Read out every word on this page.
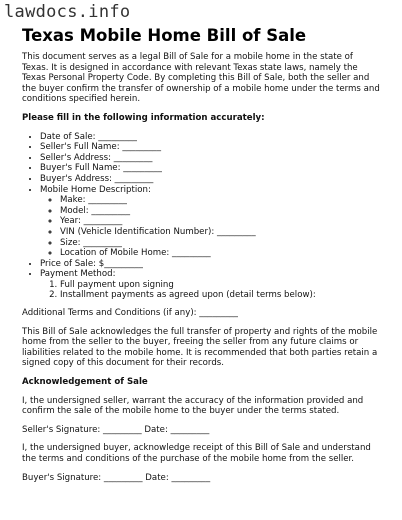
lawdocs.info
Texas Mobile Home Bill of Sale

This document serves as a legal Bill of Sale for a mobile home in the state of Texas. It is designed in accordance with relevant Texas state laws, namely the Texas Personal Property Code. By completing this Bill of Sale, both the seller and the buyer confirm the transfer of ownership of a mobile home under the terms and conditions specified herein.

Please fill in the following information accurately:

• Date of Sale: _________
• Seller's Full Name: _________
• Seller's Address: _________
• Buyer's Full Name: _________
• Buyer's Address: _________
• Mobile Home Description:
◦ Make: _________
◦ Model: _________
◦ Year: _________
◦ VIN (Vehicle Identification Number): _________
◦ Size: _________
◦ Location of Mobile Home: _________
• Price of Sale: $_________
• Payment Method:
1. Full payment upon signing
2. Installment payments as agreed upon (detail terms below):

Additional Terms and Conditions (if any): _________

This Bill of Sale acknowledges the full transfer of property and rights of the mobile home from the seller to the buyer, freeing the seller from any future claims or liabilities related to the mobile home. It is recommended that both parties retain a signed copy of this document for their records.

Acknowledgement of Sale

I, the undersigned seller, warrant the accuracy of the information provided and confirm the sale of the mobile home to the buyer under the terms stated.

Seller's Signature: _________ Date: _________

I, the undersigned buyer, acknowledge receipt of this Bill of Sale and understand the terms and conditions of the purchase of the mobile home from the seller.

Buyer's Signature: _________ Date: _________
